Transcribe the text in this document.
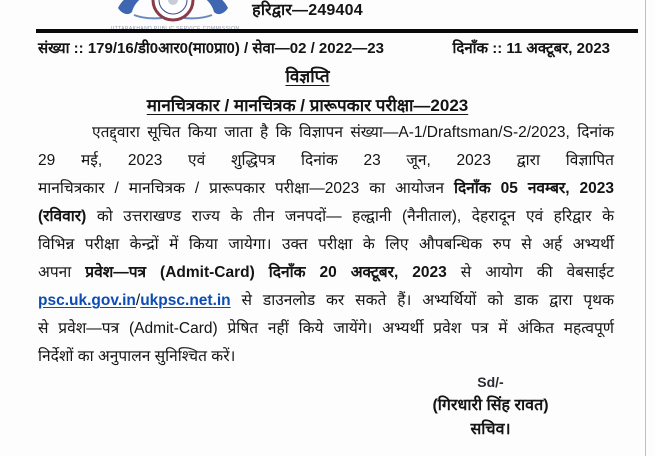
हरिद्वार—249404
संख्या :: 179/16/डी0आर0(मा0प्रा0) / सेवा—02 / 2022—23	दिनाँक :: 11 अक्टूबर, 2023
विज्ञप्ति
मानचित्रकार / मानचित्रक / प्रारूपकार परीक्षा—2023
एतद्द्वारा सूचित किया जाता है कि विज्ञापन संख्या—A-1/Draftsman/S-2/2023, दिनांक
29 मई, 2023 एवं शुद्धिपत्र दिनांक 23 जून, 2023 द्वारा विज्ञापित
मानचित्रकार / मानचित्रक / प्रारूपकार परीक्षा—2023 का आयोजन दिनाँक 05 नवम्बर, 2023
(रविवार) को उत्तराखण्ड राज्य के तीन जनपदों— हल्द्वानी (नैनीताल), देहरादून एवं हरिद्वार के
विभिन्न परीक्षा केन्द्रों में किया जायेगा। उक्त परीक्षा के लिए औपबन्धिक रुप से अर्ह अभ्यर्थी
अपना प्रवेश—पत्र (Admit-Card) दिनाँक 20 अक्टूबर, 2023 से आयोग की वेबसाईट
psc.uk.gov.in/ukpsc.net.in से डाउनलोड कर सकते हैं। अभ्यर्थियों को डाक द्वारा पृथक
से प्रवेश—पत्र (Admit-Card) प्रेषित नहीं किये जायेंगे। अभ्यर्थी प्रवेश पत्र में अंकित महत्वपूर्ण
निर्देशों का अनुपालन सुनिश्चित करें।
Sd/-
(गिरधारी सिंह रावत)
सचिव।
